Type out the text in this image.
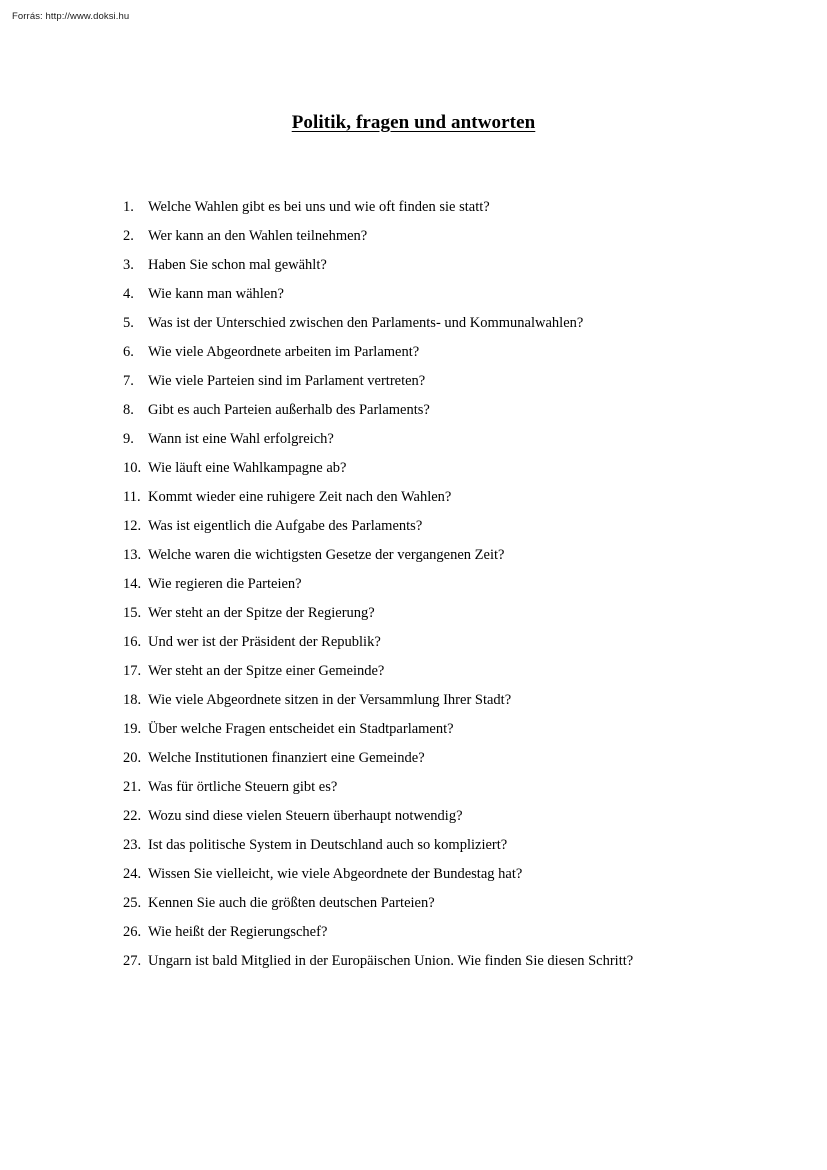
Forrás: http://www.doksi.hu
Politik, fragen und antworten
1. Welche Wahlen gibt es bei uns und wie oft finden sie statt?
2. Wer kann an den Wahlen teilnehmen?
3. Haben Sie schon mal gewählt?
4. Wie kann man wählen?
5. Was ist der Unterschied zwischen den Parlaments- und Kommunalwahlen?
6. Wie viele Abgeordnete arbeiten im Parlament?
7. Wie viele Parteien sind im Parlament vertreten?
8. Gibt es auch Parteien außerhalb des Parlaments?
9. Wann ist eine Wahl erfolgreich?
10. Wie läuft eine Wahlkampagne ab?
11. Kommt wieder eine ruhigere Zeit nach den Wahlen?
12. Was ist eigentlich die Aufgabe des Parlaments?
13. Welche waren die wichtigsten Gesetze der vergangenen Zeit?
14. Wie regieren die Parteien?
15. Wer steht an der Spitze der Regierung?
16. Und wer ist der Präsident der Republik?
17. Wer steht an der Spitze einer Gemeinde?
18. Wie viele Abgeordnete sitzen in der Versammlung Ihrer Stadt?
19. Über welche Fragen entscheidet ein Stadtparlament?
20. Welche Institutionen finanziert eine Gemeinde?
21. Was für örtliche Steuern gibt es?
22. Wozu sind diese vielen Steuern überhaupt notwendig?
23. Ist das politische System in Deutschland auch so kompliziert?
24. Wissen Sie vielleicht, wie viele Abgeordnete der Bundestag hat?
25. Kennen Sie auch die größten deutschen Parteien?
26. Wie heißt der Regierungschef?
27. Ungarn ist bald Mitglied in der Europäischen Union. Wie finden Sie diesen Schritt?
